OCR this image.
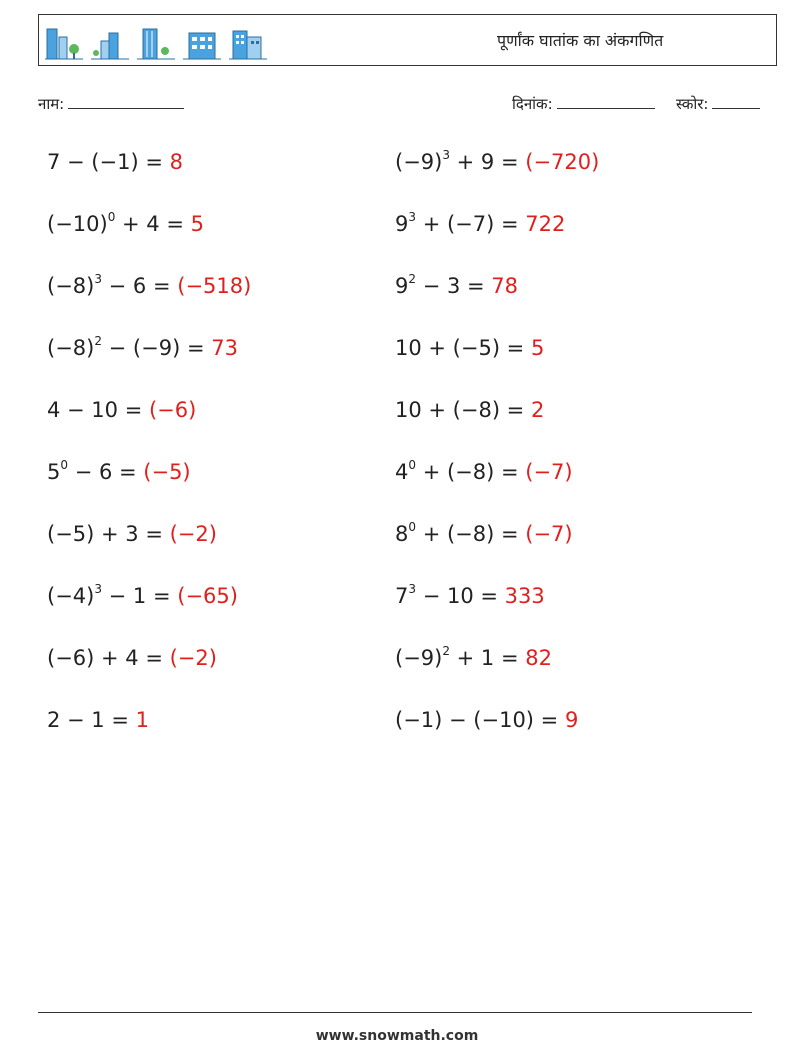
पूर्णांक घातांक का अंकगणित
नाम:	दिनांक:	स्कोर:
7 − (−1) = 8
$(-10)^0 + 4 = 5$
$(-8)^3 - 6 = (-518)$
$(-8)^2 - (-9) = 73$
4 − 10 = (−6)
$5^0 - 6 = (-5)$
(−5) + 3 = (−2)
$(-4)^3 - 1 = (-65)$
(−6) + 4 = (−2)
2 − 1 = 1
$(-9)^3 + 9 = (-720)$
$9^3 + (-7) = 722$
$9^2 - 3 = 78$
10 + (−5) = 5
10 + (−8) = 2
$4^0 + (-8) = (-7)$
$8^0 + (-8) = (-7)$
$7^3 - 10 = 333$
$(-9)^2 + 1 = 82$
(−1) − (−10) = 9
www.snowmath.com
